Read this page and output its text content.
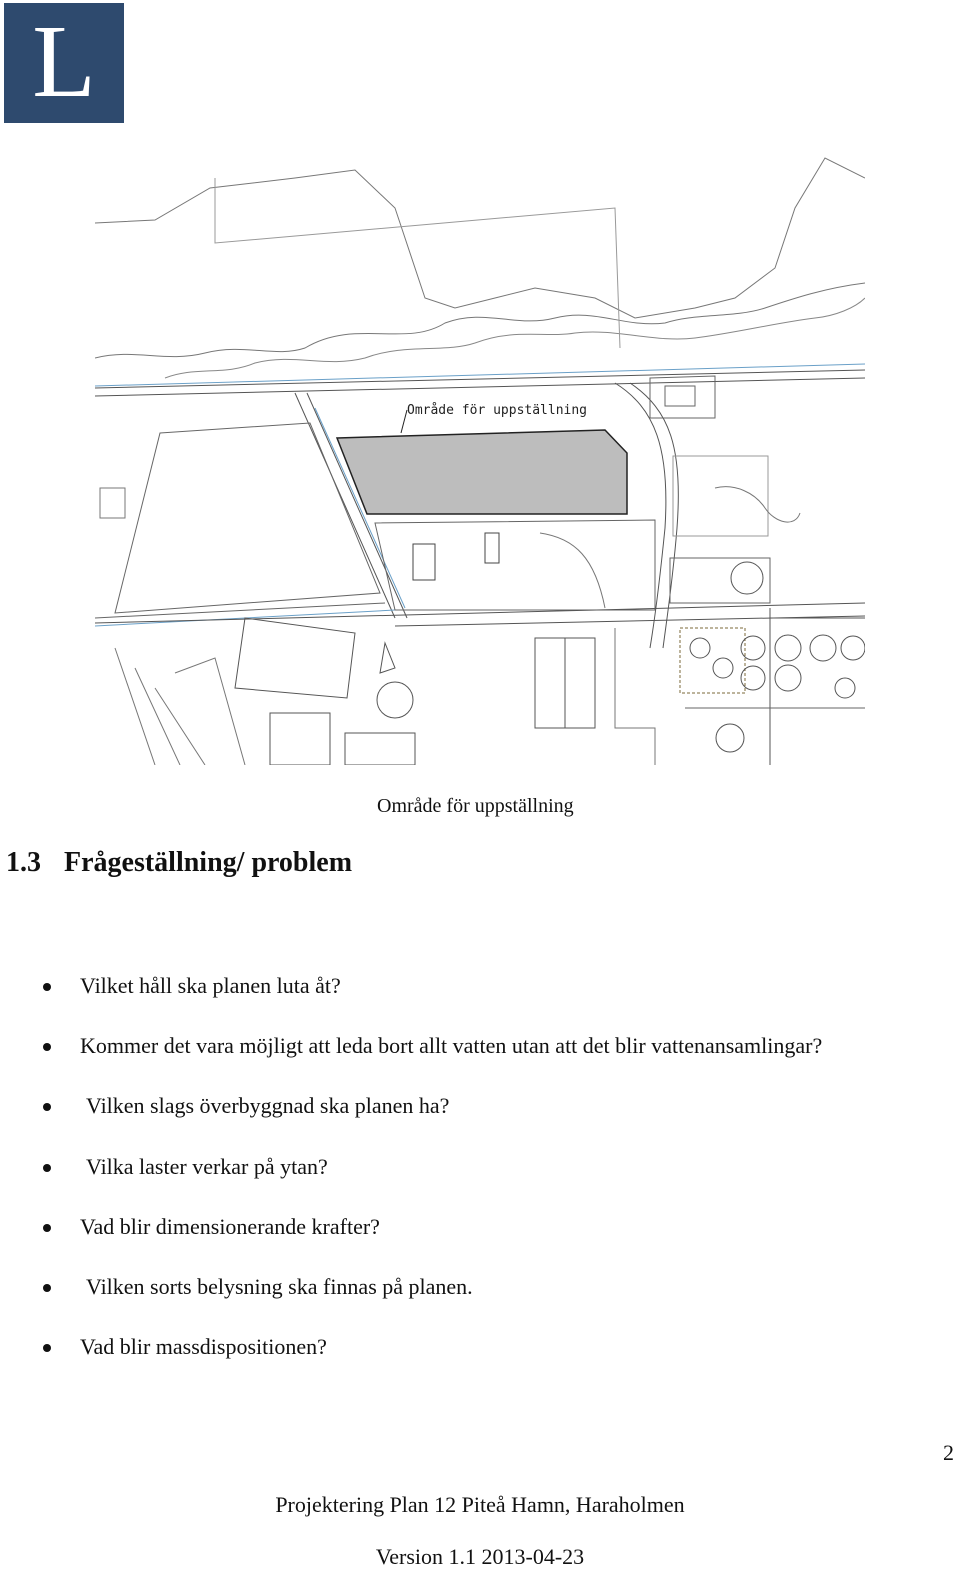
L
Område för uppställning
Område för uppställning
1.3 Frågeställning/ problem
Vilket håll ska planen luta åt?
Kommer det vara möjligt att leda bort allt vatten utan att det blir vattenansamlingar?
Vilken slags överbyggnad ska planen ha?
Vilka laster verkar på ytan?
Vad blir dimensionerande krafter?
Vilken sorts belysning ska finnas på planen.
Vad blir massdispositionen?
2
Projektering Plan 12 Piteå Hamn, Haraholmen
Version 1.1 2013-04-23
